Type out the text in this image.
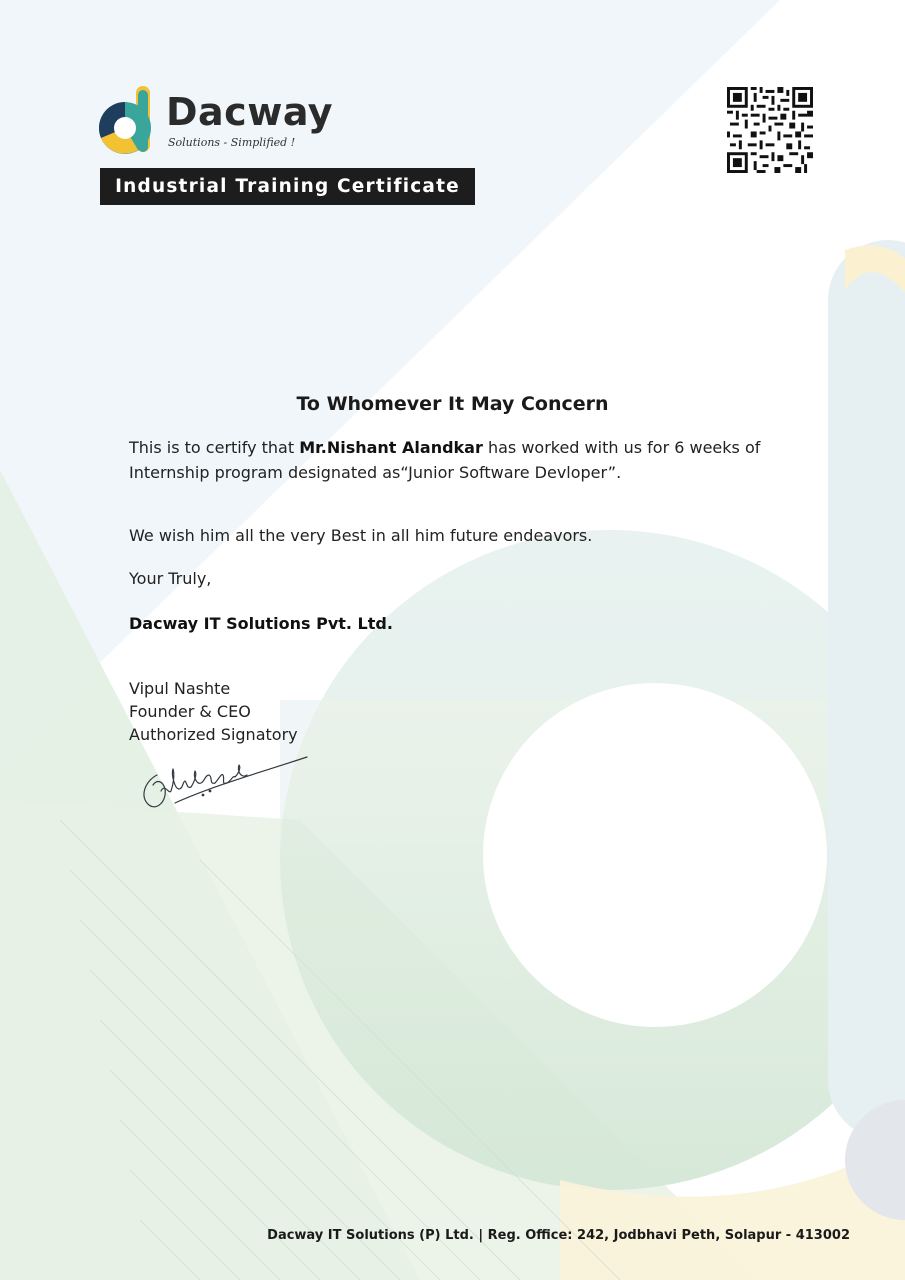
Dacway
Solutions - Simplified !
Industrial Training Certificate
To Whomever It May Concern
This is to certify that Mr.Nishant Alandkar has worked with us for 6 weeks of
Internship program designated as“Junior Software Devloper”.
We wish him all the very Best in all him future endeavors.
Your Truly,
Dacway IT Solutions Pvt. Ltd.
Vipul Nashte
Founder & CEO
Authorized Signatory
Dacway IT Solutions (P) Ltd. | Reg. Office: 242, Jodbhavi Peth, Solapur - 413002
